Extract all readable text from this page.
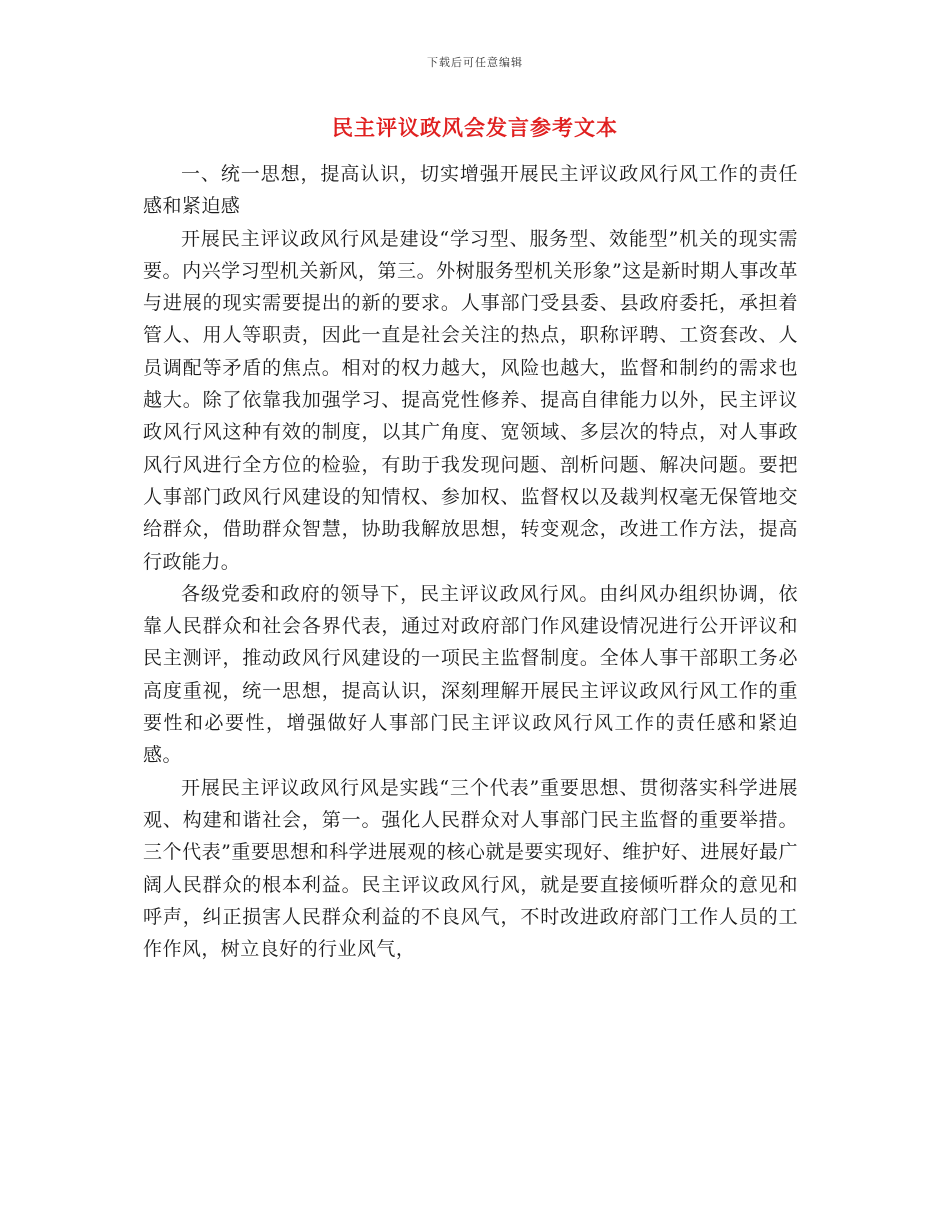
下载后可任意编辑
民主评议政风会发言参考文本

一、统一思想，提高认识，切实增强开展民主评议政风行风工作的责任感和紧迫感

开展民主评议政风行风是建设“学习型、服务型、效能型”机关的现实需要。内兴学习型机关新风，第三。外树服务型机关形象”这是新时期人事改革与进展的现实需要提出的新的要求。人事部门受县委、县政府委托，承担着管人、用人等职责，因此一直是社会关注的热点，职称评聘、工资套改、人员调配等矛盾的焦点。相对的权力越大，风险也越大，监督和制约的需求也越大。除了依靠我加强学习、提高党性修养、提高自律能力以外，民主评议政风行风这种有效的制度，以其广角度、宽领域、多层次的特点，对人事政风行风进行全方位的检验，有助于我发现问题、剖析问题、解决问题。要把人事部门政风行风建设的知情权、参加权、监督权以及裁判权毫无保管地交给群众，借助群众智慧，协助我解放思想，转变观念，改进工作方法，提高行政能力。

各级党委和政府的领导下，民主评议政风行风。由纠风办组织协调，依靠人民群众和社会各界代表，通过对政府部门作风建设情况进行公开评议和民主测评，推动政风行风建设的一项民主监督制度。全体人事干部职工务必高度重视，统一思想，提高认识，深刻理解开展民主评议政风行风工作的重要性和必要性，增强做好人事部门民主评议政风行风工作的责任感和紧迫感。

开展民主评议政风行风是实践“三个代表”重要思想、贯彻落实科学进展观、构建和谐社会，第一。强化人民群众对人事部门民主监督的重要举措。三个代表”重要思想和科学进展观的核心就是要实现好、维护好、进展好最广阔人民群众的根本利益。民主评议政风行风，就是要直接倾听群众的意见和呼声，纠正损害人民群众利益的不良风气，不时改进政府部门工作人员的工作作风，树立良好的行业风气，
